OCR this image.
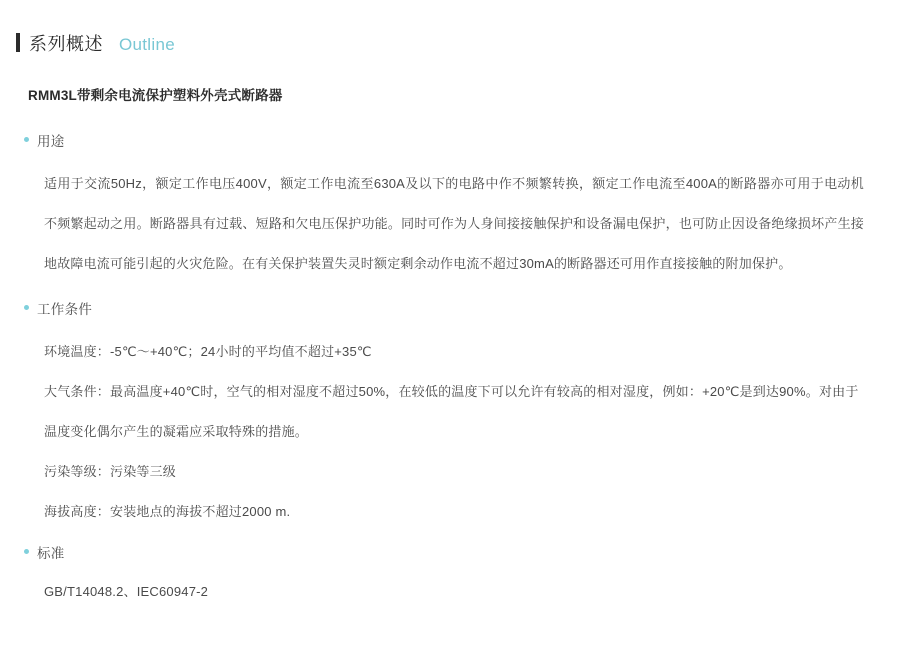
系列概述 Outline
RMM3L带剩余电流保护塑料外壳式断路器
用途
适用于交流50Hz，额定工作电压400V，额定工作电流至630A及以下的电路中作不频繁转换，额定工作电流至400A的断路器亦可用于电动机不频繁起动之用。断路器具有过载、短路和欠电压保护功能。同时可作为人身间接接触保护和设备漏电保护，也可防止因设备绝缘损坏产生接地故障电流可能引起的火灾危险。在有关保护装置失灵时额定剩余动作电流不超过30mA的断路器还可用作直接接触的附加保护。
工作条件
环境温度：-5℃～+40℃；24小时的平均值不超过+35℃
大气条件：最高温度+40℃时，空气的相对湿度不超过50%，在较低的温度下可以允许有较高的相对湿度，例如：+20℃是到达90%。对由于温度变化偶尔产生的凝霜应采取特殊的措施。
污染等级：污染等三级
海拔高度：安装地点的海拔不超过2000 m.
标准
GB/T14048.2、IEC60947-2
